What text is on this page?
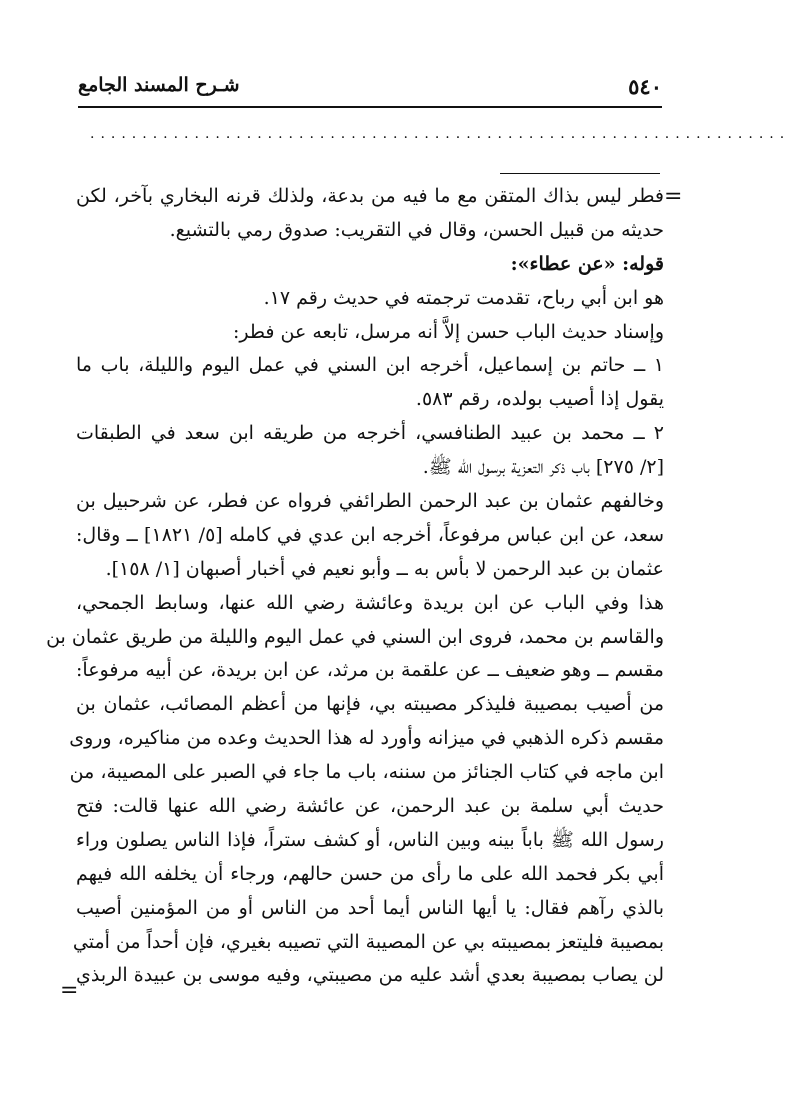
٥٤٠
شـرح المسند الجامع
...................................................................
=
=
فطر ليس بذاك المتقن مع ما فيه من بدعة، ولذلك قرنه البخاري بآخر، لكن
حديثه من قبيل الحسن، وقال في التقريب: صدوق رمي بالتشيع.
قوله: «عن عطاء»:
هو ابن أبي رباح، تقدمت ترجمته في حديث رقم ١٧.
وإسناد حديث الباب حسن إلاَّ أنه مرسل، تابعه عن فطر:
١ ــ حاتم بن إسماعيل، أخرجه ابن السني في عمل اليوم والليلة، باب ما
يقول إذا أصيب بولده، رقم ٥٨٣.
٢ ــ محمد بن عبيد الطنافسي، أخرجه من طريقه ابن سعد في الطبقات
[٢/ ٢٧٥] باب ذكر التعزية برسول الله ﷺ.
وخالفهم عثمان بن عبد الرحمن الطرائفي فرواه عن فطر، عن شرحبيل بن
سعد، عن ابن عباس مرفوعاً، أخرجه ابن عدي في كامله [٥/ ١٨٢١] ــ وقال:
عثمان بن عبد الرحمن لا بأس به ــ وأبو نعيم في أخبار أصبهان [١/ ١٥٨].
هذا وفي الباب عن ابن بريدة وعائشة رضي الله عنها، وسابط الجمحي،
والقاسم بن محمد، فروى ابن السني في عمل اليوم والليلة من طريق عثمان بن
مقسم ــ وهو ضعيف ــ عن علقمة بن مرثد، عن ابن بريدة، عن أبيه مرفوعاً:
من أصيب بمصيبة فليذكر مصيبته بي، فإنها من أعظم المصائب، عثمان بن
مقسم ذكره الذهبي في ميزانه وأورد له هذا الحديث وعده من مناكيره، وروى
ابن ماجه في كتاب الجنائز من سننه، باب ما جاء في الصبر على المصيبة، من
حديث أبي سلمة بن عبد الرحمن، عن عائشة رضي الله عنها قالت: فتح
رسول الله ﷺ باباً بينه وبين الناس، أو كشف ستراً، فإذا الناس يصلون وراء
أبي بكر فحمد الله على ما رأى من حسن حالهم، ورجاء أن يخلفه الله فيهم
بالذي رآهم فقال: يا أيها الناس أيما أحد من الناس أو من المؤمنين أصيب
بمصيبة فليتعز بمصيبته بي عن المصيبة التي تصيبه بغيري، فإن أحداً من أمتي
لن يصاب بمصيبة بعدي أشد عليه من مصيبتي، وفيه موسى بن عبيدة الربذي
